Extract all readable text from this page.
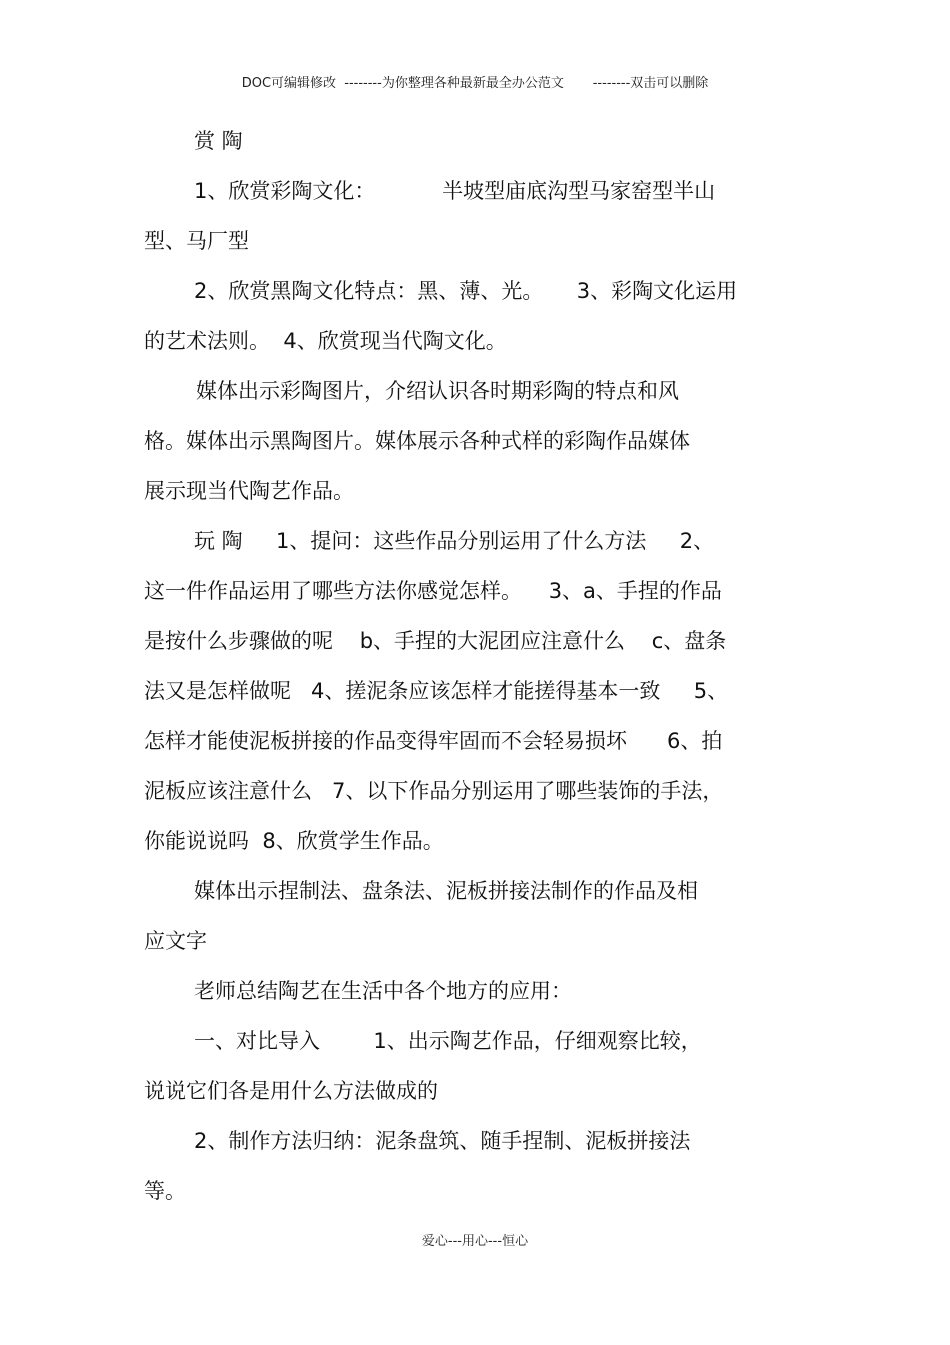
DOC可编辑修改  --------为你整理各种最新最全办公范文       --------双击可以删除
赏 陶
1、欣赏彩陶文化：          半坡型庙底沟型马家窑型半山
型、马厂型
2、欣赏黑陶文化特点：黑、薄、光。     3、彩陶文化运用
的艺术法则。  4、欣赏现当代陶文化。
媒体出示彩陶图片，介绍认识各时期彩陶的特点和风
格。媒体出示黑陶图片。媒体展示各种式样的彩陶作品媒体
展示现当代陶艺作品。
玩 陶     1、提问：这些作品分别运用了什么方法     2、
这一件作品运用了哪些方法你感觉怎样。    3、a、手捏的作品
是按什么步骤做的呢    b、手捏的大泥团应注意什么    c、盘条
法又是怎样做呢   4、搓泥条应该怎样才能搓得基本一致     5、
怎样才能使泥板拼接的作品变得牢固而不会轻易损坏      6、拍
泥板应该注意什么   7、以下作品分别运用了哪些装饰的手法，
你能说说吗  8、欣赏学生作品。
媒体出示捏制法、盘条法、泥板拼接法制作的作品及相
应文字
老师总结陶艺在生活中各个地方的应用：
一、对比导入        1、出示陶艺作品，仔细观察比较，
说说它们各是用什么方法做成的
2、制作方法归纳：泥条盘筑、随手捏制、泥板拼接法
等。
爱心---用心---恒心
